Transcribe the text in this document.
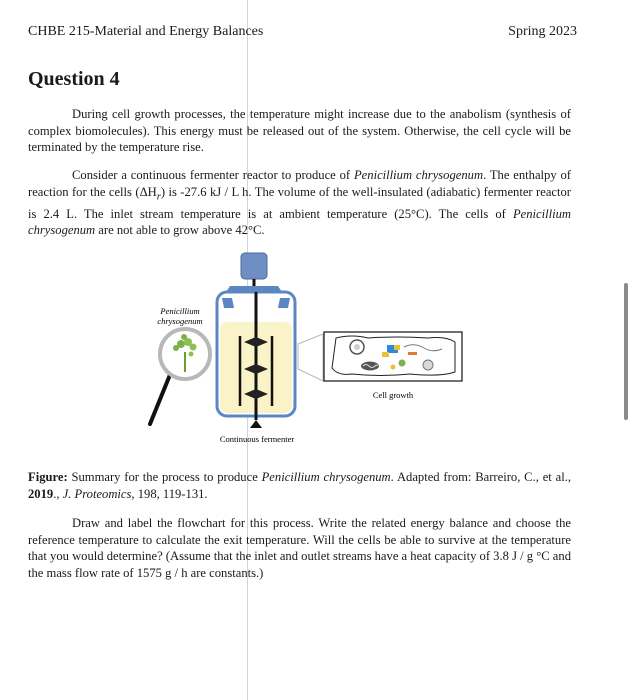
CHBE 215-Material and Energy Balances	Spring 2023
Question 4

During cell growth processes, the temperature might increase due to the anabolism (synthesis of complex biomolecules). This energy must be released out of the system. Otherwise, the cell cycle will be terminated by the temperature rise.

Consider a continuous fermenter reactor to produce of Penicillium chrysogenum. The enthalpy of reaction for the cells $(\Delta H_r)$ is -27.6 kJ / L h. The volume of the well-insulated (adiabatic) fermenter reactor is 2.4 L. The inlet stream temperature is at ambient temperature (25°C). The cells of Penicillium chrysogenum are not able to grow above 42°C.

Penicillium
chrysogenum
Continuous fermenter
Cell growth

Figure: Summary for the process to produce Penicillium chrysogenum. Adapted from: Barreiro, C., et al., 2019., J. Proteomics, 198, 119-131.

Draw and label the flowchart for this process. Write the related energy balance and choose the reference temperature to calculate the exit temperature. Will the cells be able to survive at the temperature that you would determine? (Assume that the inlet and outlet streams have a heat capacity of 3.8 J / g °C and the mass flow rate of 1575 g / h are constants.)
